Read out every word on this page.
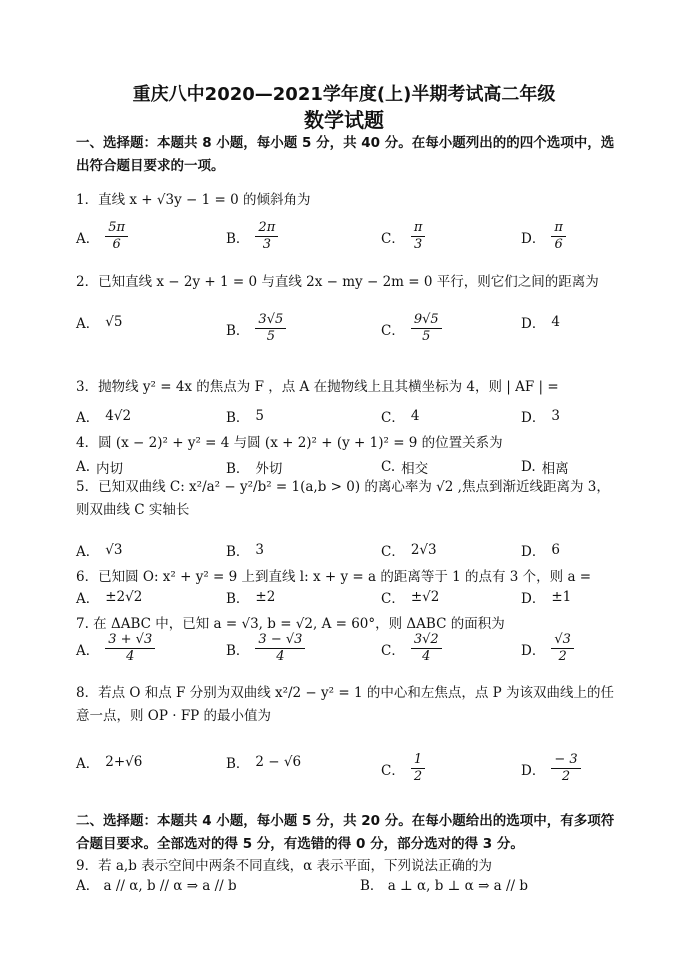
重庆八中2020—2021学年度(上)半期考试高二年级
数学试题
一、选择题：本题共 8 小题，每小题 5 分，共 40 分。在每小题列出的的四个选项中，选出符合题目要求的一项。
1．直线 x + √3y − 1 = 0 的倾斜角为
A． $\frac{5\pi}{6}$	B． $\frac{2\pi}{3}$	C． $\frac{\pi}{3}$	D． $\frac{\pi}{6}$
2．已知直线 x − 2y + 1 = 0 与直线 2x − my − 2m = 0 平行，则它们之间的距离为
A． √5
B． $\frac{3√5}{5}$	C． $\frac{9√5}{5}$	D． 4
3．抛物线 y² = 4x 的焦点为 F ，点 A 在抛物线上且其横坐标为 4，则 | AF | =
A． 4√2	B． 5	C． 4	D． 3
4．圆 (x − 2)² + y² = 4 与圆 (x + 2)² + (y + 1)² = 9 的位置关系为
A. 内切	B． 外切	C. 相交	D. 相离
5．已知双曲线 C: x²/a² − y²/b² = 1(a,b > 0) 的离心率为 √2 ,焦点到渐近线距离为 3，则双曲线 C 实轴长
A． √3	B． 3	C． 2√3	D． 6
6．已知圆 O: x² + y² = 9 上到直线 l: x + y = a 的距离等于 1 的点有 3 个，则 a =
A． ±2√2	B． ±2	C． ±√2	D． ±1
7. 在 ΔABC 中，已知 a = √3, b = √2, A = 60°，则 ΔABC 的面积为
A． $\frac{3 + √3}{4}$	B． $\frac{3 - √3}{4}$	C． $\frac{3√2}{4}$	D． $\frac{√3}{2}$
8．若点 O 和点 F 分别为双曲线 x²/2 − y² = 1 的中心和左焦点，点 P 为该双曲线上的任意一点，则 OP · FP 的最小值为
A． 2+√6	B． 2 − √6
C． $\frac{1}{2}$	D． $\frac{- 3}{2}$
二、选择题：本题共 4 小题，每小题 5 分，共 20 分。在每小题给出的选项中，有多项符合题目要求。全部选对的得 5 分，有选错的得 0 分，部分选对的得 3 分。
9．若 a,b 表示空间中两条不同直线，α 表示平面，下列说法正确的为
A． a // α, b // α ⇒ a // b	B． a ⊥ α, b ⊥ α ⇒ a // b
